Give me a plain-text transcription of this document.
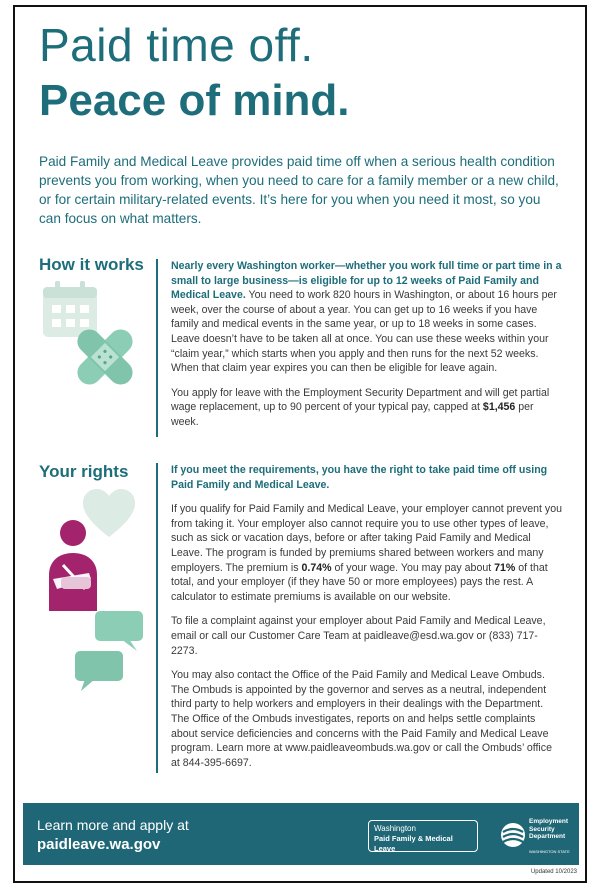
Paid time off.
Peace of mind.
Paid Family and Medical Leave provides paid time off when a serious health condition prevents you from working, when you need to care for a family member or a new child, or for certain military-related events. It’s here for you when you need it most, so you can focus on what matters.
How it works	Nearly every Washington worker—whether you work full time or part time in a small to large business—is eligible for up to 12 weeks of Paid Family and Medical Leave. You need to work 820 hours in Washington, or about 16 hours per week, over the course of about a year. You can get up to 16 weeks if you have family and medical events in the same year, or up to 18 weeks in some cases. Leave doesn’t have to be taken all at once. You can use these weeks within your “claim year,” which starts when you apply and then runs for the next 52 weeks. When that claim year expires you can then be eligible for leave again.

You apply for leave with the Employment Security Department and will get partial wage replacement, up to 90 percent of your typical pay, capped at $1,456 per week.

Your rights	If you meet the requirements, you have the right to take paid time off using Paid Family and Medical Leave.

If you qualify for Paid Family and Medical Leave, your employer cannot prevent you from taking it. Your employer also cannot require you to use other types of leave, such as sick or vacation days, before or after taking Paid Family and Medical Leave. The program is funded by premiums shared between workers and many employers. The premium is 0.74% of your wage. You may pay about 71% of that total, and your employer (if they have 50 or more employees) pays the rest. A calculator to estimate premiums is available on our website.

To file a complaint against your employer about Paid Family and Medical Leave, email or call our Customer Care Team at paidleave@esd.wa.gov or (833) 717-2273.

You may also contact the Office of the Paid Family and Medical Leave Ombuds. The Ombuds is appointed by the governor and serves as a neutral, independent third party to help workers and employers in their dealings with the Department. The Office of the Ombuds investigates, reports on and helps settle complaints about service deficiencies and concerns with the Paid Family and Medical Leave program. Learn more at www.paidleaveombuds.wa.gov or call the Ombuds’ office at 844-395-6697.

Learn more and apply at
paidleave.wa.gov
Washington
Paid Family & Medical Leave
Employment
Security
Department
WASHINGTON STATE
Updated 10/2023
